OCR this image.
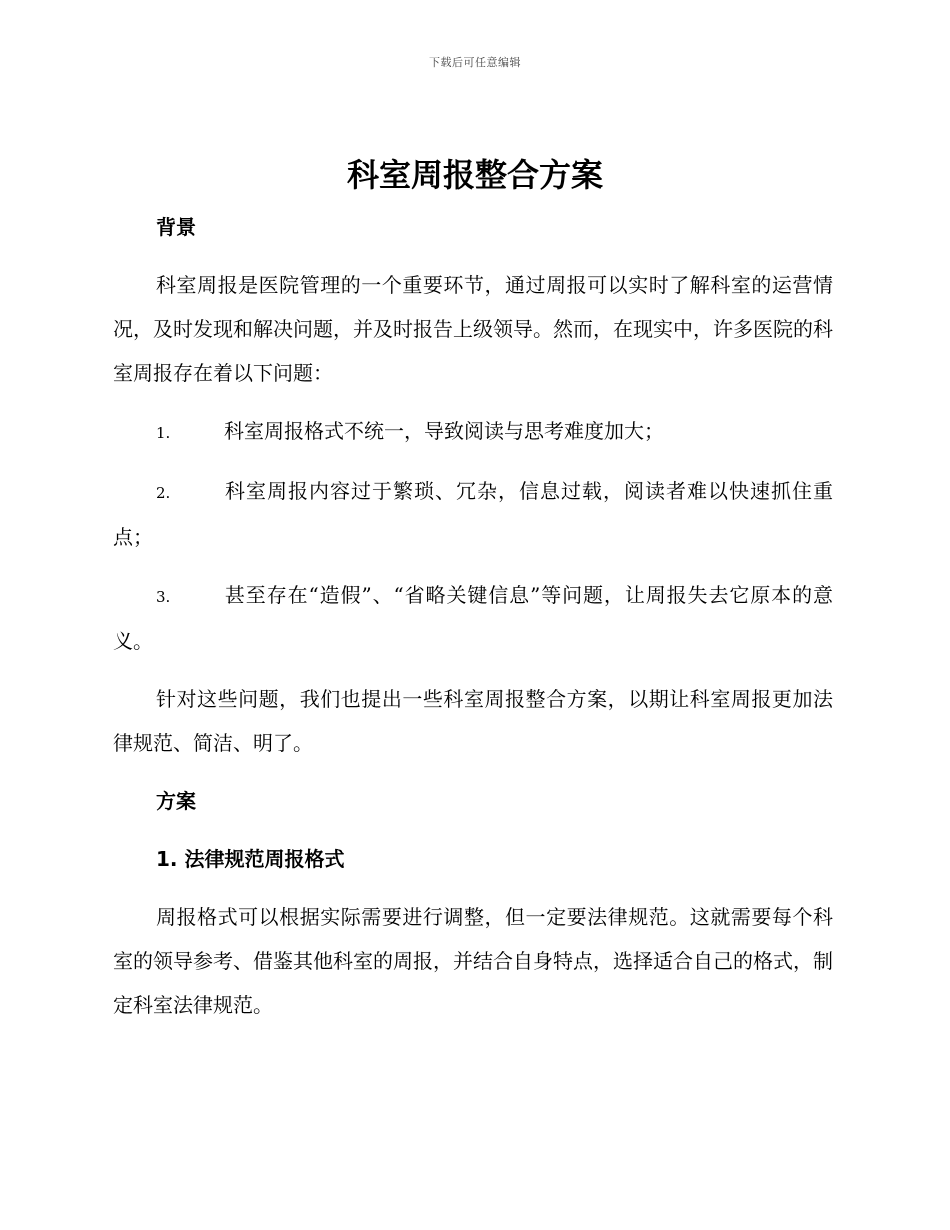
下载后可任意编辑
科室周报整合方案

背景

科室周报是医院管理的一个重要环节，通过周报可以实时了解科室的运营情况，及时发现和解决问题，并及时报告上级领导。然而，在现实中，许多医院的科室周报存在着以下问题：

1.	科室周报格式不统一，导致阅读与思考难度加大；

2.	科室周报内容过于繁琐、冗杂，信息过载，阅读者难以快速抓住重点；

3.	甚至存在“造假”、“省略关键信息”等问题，让周报失去它原本的意义。

针对这些问题，我们也提出一些科室周报整合方案，以期让科室周报更加法律规范、简洁、明了。

方案

1. 法律规范周报格式

周报格式可以根据实际需要进行调整，但一定要法律规范。这就需要每个科室的领导参考、借鉴其他科室的周报，并结合自身特点，选择适合自己的格式，制定科室法律规范。
